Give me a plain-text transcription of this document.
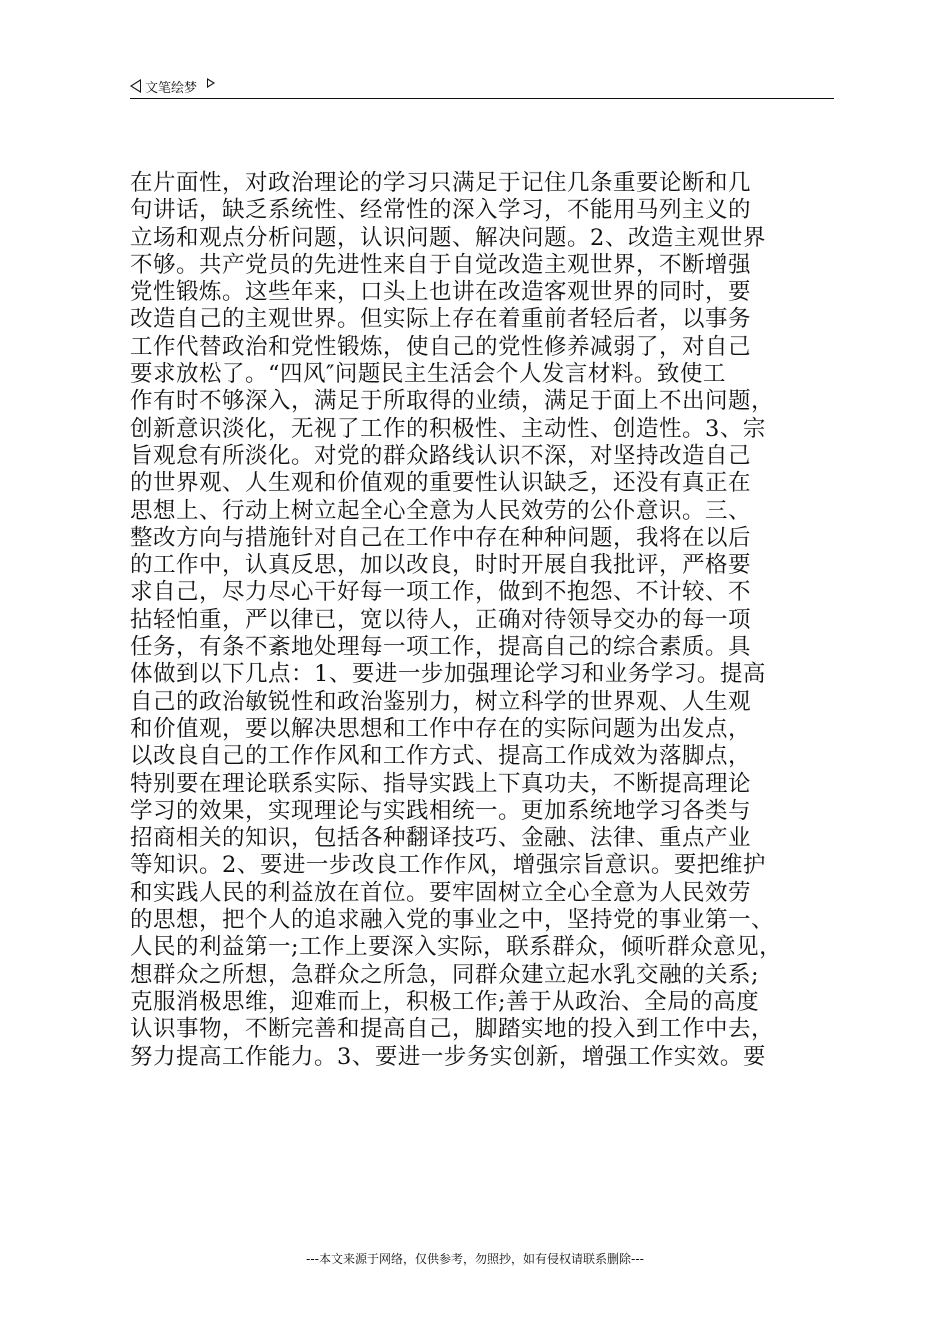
文笔绘梦

在片面性，对政治理论的学习只满足于记住几条重要论断和几
句讲话，缺乏系统性、经常性的深入学习，不能用马列主义的
立场和观点分析问题，认识问题、解决问题。2、改造主观世界
不够。共产党员的先进性来自于自觉改造主观世界，不断增强
党性锻炼。这些年来，口头上也讲在改造客观世界的同时，要
改造自己的主观世界。但实际上存在着重前者轻后者，以事务
工作代替政治和党性锻炼，使自己的党性修养减弱了，对自己
要求放松了。“四风″问题民主生活会个人发言材料。致使工
作有时不够深入，满足于所取得的业绩，满足于面上不出问题，
创新意识淡化，无视了工作的积极性、主动性、创造性。3、宗
旨观怠有所淡化。对党的群众路线认识不深，对坚持改造自己
的世界观、人生观和价值观的重要性认识缺乏，还没有真正在
思想上、行动上树立起全心全意为人民效劳的公仆意识。三、
整改方向与措施针对自己在工作中存在种种问题，我将在以后
的工作中，认真反思，加以改良，时时开展自我批评，严格要
求自己，尽力尽心干好每一项工作，做到不抱怨、不计较、不
拈轻怕重，严以律已，宽以待人，正确对待领导交办的每一项
任务，有条不紊地处理每一项工作，提高自己的综合素质。具
体做到以下几点：1、要进一步加强理论学习和业务学习。提高
自己的政治敏锐性和政治鉴别力，树立科学的世界观、人生观
和价值观，要以解决思想和工作中存在的实际问题为出发点，
以改良自己的工作作风和工作方式、提高工作成效为落脚点，
特别要在理论联系实际、指导实践上下真功夫，不断提高理论
学习的效果，实现理论与实践相统一。更加系统地学习各类与
招商相关的知识，包括各种翻译技巧、金融、法律、重点产业
等知识。2、要进一步改良工作作风，增强宗旨意识。要把维护
和实践人民的利益放在首位。要牢固树立全心全意为人民效劳
的思想，把个人的追求融入党的事业之中，坚持党的事业第一、
人民的利益第一;工作上要深入实际，联系群众，倾听群众意见，
想群众之所想，急群众之所急，同群众建立起水乳交融的关系;
克服消极思维，迎难而上，积极工作;善于从政治、全局的高度
认识事物，不断完善和提高自己，脚踏实地的投入到工作中去，
努力提高工作能力。3、要进一步务实创新，增强工作实效。要

---本文来源于网络，仅供参考，勿照抄，如有侵权请联系删除---
